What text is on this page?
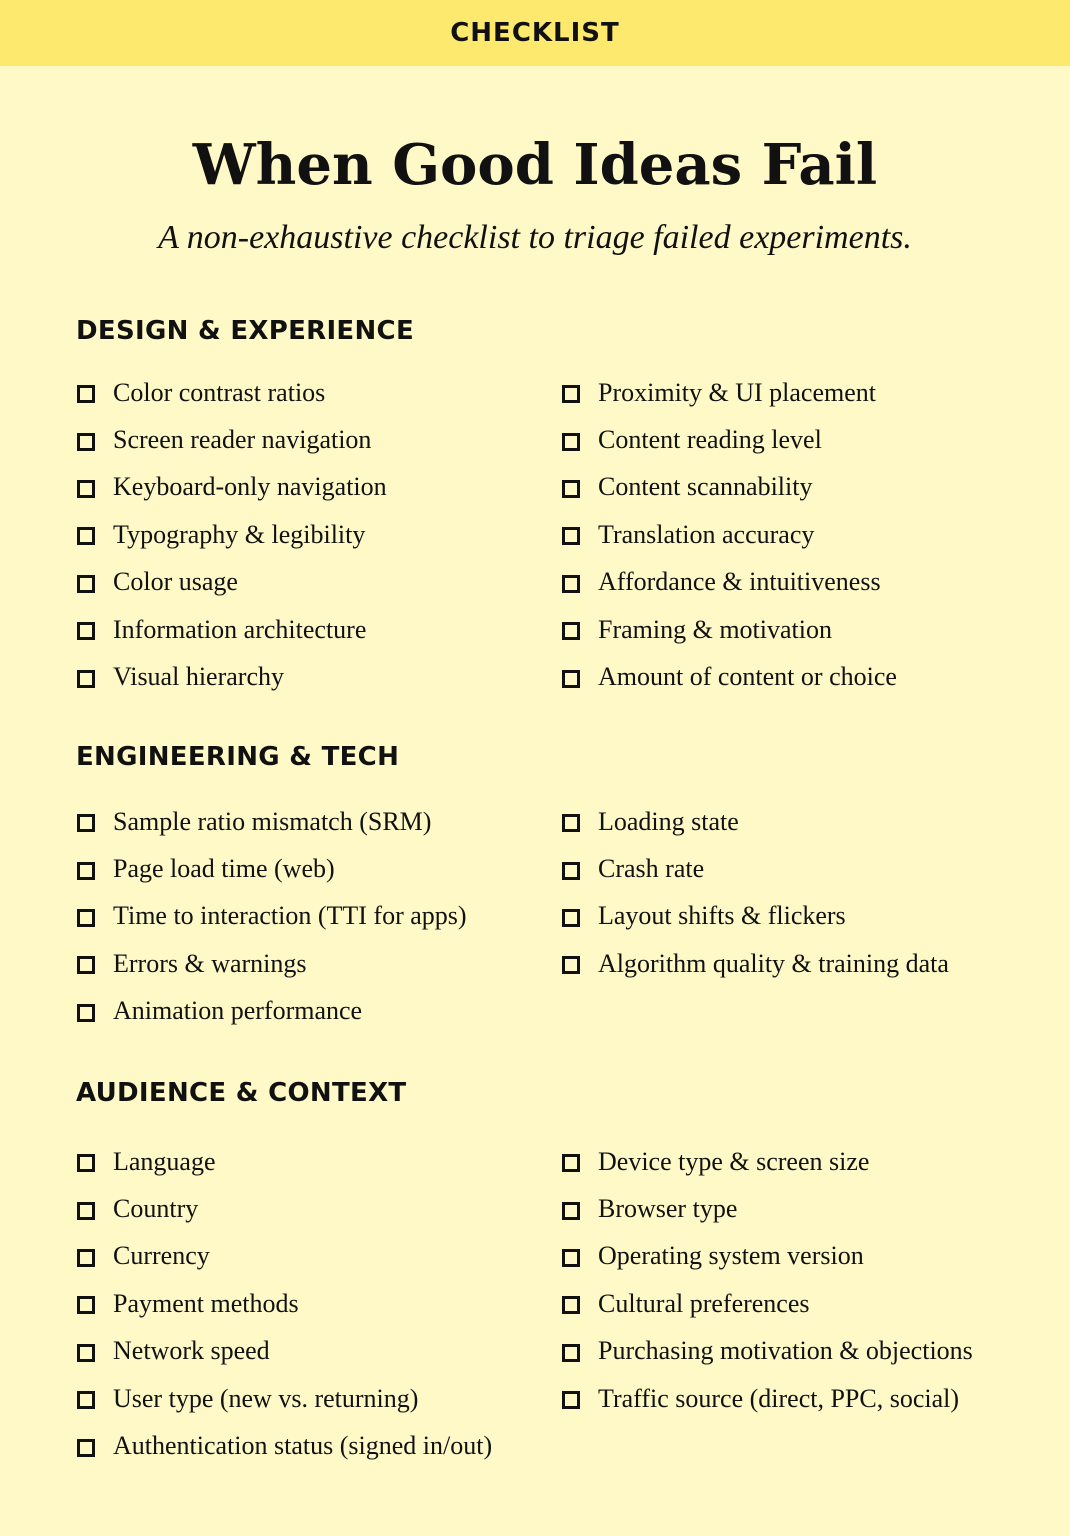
CHECKLIST
When Good Ideas Fail
A non-exhaustive checklist to triage failed experiments.
DESIGN & EXPERIENCE
Color contrast ratios
Screen reader navigation
Keyboard-only navigation
Typography & legibility
Color usage
Information architecture
Visual hierarchy
Proximity & UI placement
Content reading level
Content scannability
Translation accuracy
Affordance & intuitiveness
Framing & motivation
Amount of content or choice
ENGINEERING & TECH
Sample ratio mismatch (SRM)
Page load time (web)
Time to interaction (TTI for apps)
Errors & warnings
Animation performance
Loading state
Crash rate
Layout shifts & flickers
Algorithm quality & training data
AUDIENCE & CONTEXT
Language
Country
Currency
Payment methods
Network speed
User type (new vs. returning)
Authentication status (signed in/out)
Device type & screen size
Browser type
Operating system version
Cultural preferences
Purchasing motivation & objections
Traffic source (direct, PPC, social)
